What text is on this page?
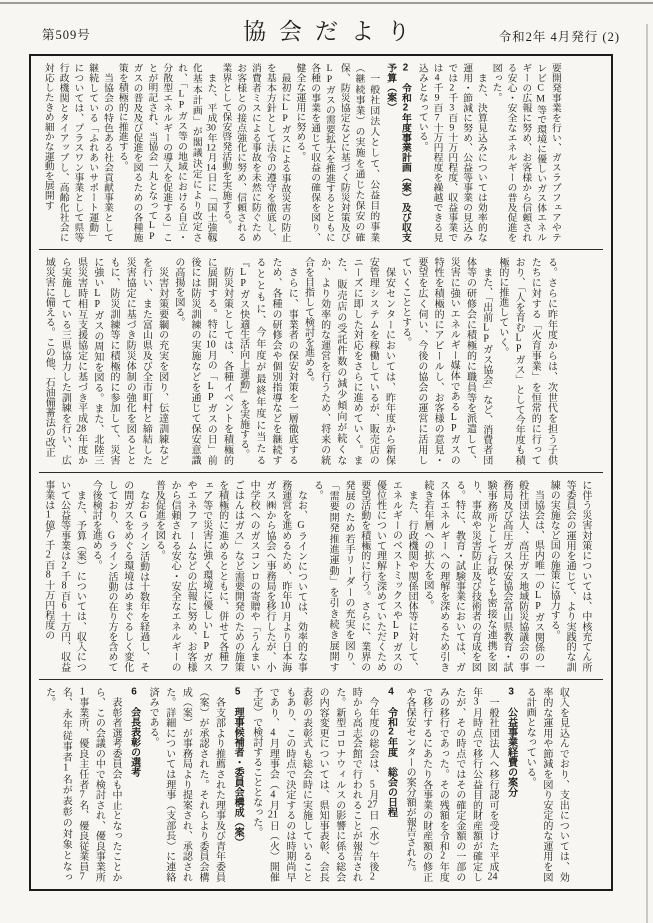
第509号	協会だより	令和2年 4月発行 (2)

要開発事業を行い、ガスラブフェアやテレビCM等で環境に優しいガス体エネルギーの広報に努め、お客様から信頼される安心・安全なエネルギーの普及促進を図った。

　また、決算見込みについては効率的な運用・節減に努め、公益等事業の見込みでは2千3百9十万円程度、収益事業では4千9百7十万円程度を繰越できる見込みとなっている。

2　令和2年度事業計画（案）及び収支予算（案）

　一般社団法人として、公益目的事業（継続事業）の実施を通じた保安の確保、防災協定などに基づく防災対策及びLPガスの需要拡大を推進するとともに各種の事業を通じて収益の確保を図り、健全な運用に努める。

　最初にLPガスによる事故災害の防止を基本方針として法令の遵守を徹底し、消費者ミスによる事故を未然に防ぐためお客様との接点強化に努め、信頼される業界として保安啓発活動を実施する。

　また、平成30年12月14日に「国土強靱化基本計画」が閣議決定により改定され、「LPガス等の地域における自立・分散型エネルギーの導入を促進する」ことが明記され、当協会一丸となってLPガスの普及及び促進を図るための各種施策を積極的に推進する。

　当協会の特色ある社会貢献事業として継続している「ふれあいサポート運動」については、プラスワン事業として県等行政機関とタイアップし、高齢化社会に対応したきめ細かな運動を展開す

る。さらに昨年度からは、次世代を担う子供たちに対する「火育事業」を恒常的に行っており、「人を育むLPガス」として今年度も積極的に推進していく。

　また、「出前LPガス協会」など、消費者団体等の研修会に積極的に職員等を派遣して、災害に強いエネルギー媒体であるLPガスの特性を積極的にアピールし、お客様の意見・要望を広く伺い、今後の協会の運営に活用していくこととする。

　保安センターにおいては、昨年度から新保安管理システムを稼働しているが、販売店のニーズに即した対応をさらに進めていく。また、販売店の受託件数の減少傾向が続くなか、より効率的な運営を行うため、将来の統合を目指して検討を進める。

　さらに、事業者の保安対策を一層徹底するため、各種の研修会や個別指導などを継続するとともに、今年度が最終年度に当たる『LPガス快適生活向上運動』を実施する。

　防災対策としては、各種イベントを積極的に展開する。特に10月の「LPガスの日」前後には防災訓練の実施などを通じて保安意識の高揚を図る。

　災害対策要綱の充実を図り、伝達訓練などを行い、また富山県及び全市町村と締結した災害協定に基づき防災体制の強化を図るとともに、防災訓練等に積極的に参加して、災害に強いLPガスの周知を図る。また、北陸三県災害時相互支援協定に基づき平成28年度から実施している三県協力した訓練を行い、広域災害に備える。この他、石油備蓄法の改正

に伴う災害対策については、中核充てん所等委員会の運用を通じて、より実践的な訓練の実施など国の施策に協力する。

　当協会は、県内唯一のLPガス関係の一般社団法人、高圧ガス地域防災協議会の事務局及び高圧ガス保安協会富山県教育・試験事務所として行政とも密接な連携を図り、事故や災害防止及び技術者の育成を図る。特に、教育・試験事業においては、ガス体エネルギーへの理解を深めるため引き続き若年層への拡大を図る。

　また、行政機関や関係団体等に対して、エネルギーのベストミックスやLPガスの優位性について理解を深めていただくため要望活動を積極的に行う。さらに、業界の発展のため若手リーダーの充実を図り、「需要開発推進運動」を引き続き展開する。

　なお、Gラインについては、効率的な事務運営を進めるため、昨年10月より日本海ガス㈱から協会へ事務局を移行したが、小中学校へのガスコンロの寄贈や「うんまいごはんはガス」など需要開発のための施策を積極的に進めるとともに、併せて各種フェア等で災害に強く環境に優しいLPガスやエネファームなどの広報に努め、お客様から信頼される安心・安全なエネルギーの普及促進を図る。

　なおGライン活動は十数年を経過し、その間ガスをめぐる環境はめまぐるしく変化しており、Gライン活動の在り方を含めて今後検討を進める。

　また、予算（案）については、収入について公益等事業は2千8百6十万円、収益事業は1億7千2百8十万円程度の

収入を見込んでおり、支出については、効率的な運用や節減を図り安定的な運用を図る計画となっている。

3　公益事業経費の案分

　一般社団法人へ移行認可を受けた平成24年3月時点で移行公益目的財産額が確定したが、その時点ではその確定金額の一部のみの移行であった。その残額を令和2年度で移行するにあたり各事業の財産額の修正や各保安センターの案分額が報告された。

4　令和2年度　総会の日程

　今年度の総会は、5月27日（水）午後2時から高志会館で行われることが報告された。新型コロナウィルスの影響に係る総会の内容変更については、県知事表彰、会長表彰の表彰式も総会時に実施していることもあり、この時点で決定するのは時期尚早であり、4月理事会（4月21日（火）開催予定）で検討することとなった。

5　理事候補者・委員会構成（案）

　各支部より推薦された理事及び青年委員（案）が承認された。それらより委員会構成（案）が事務局より提案され、承認された。詳細については理事（支部長）に連絡済みである。

6　会長表彰の選考

　表彰者選考委員会も中止となったことから、この会議の中で検討され、優良事業所1事業所、優良主任者7名、優良従業員7名、永年従事者1名が表彰の対象となった。
